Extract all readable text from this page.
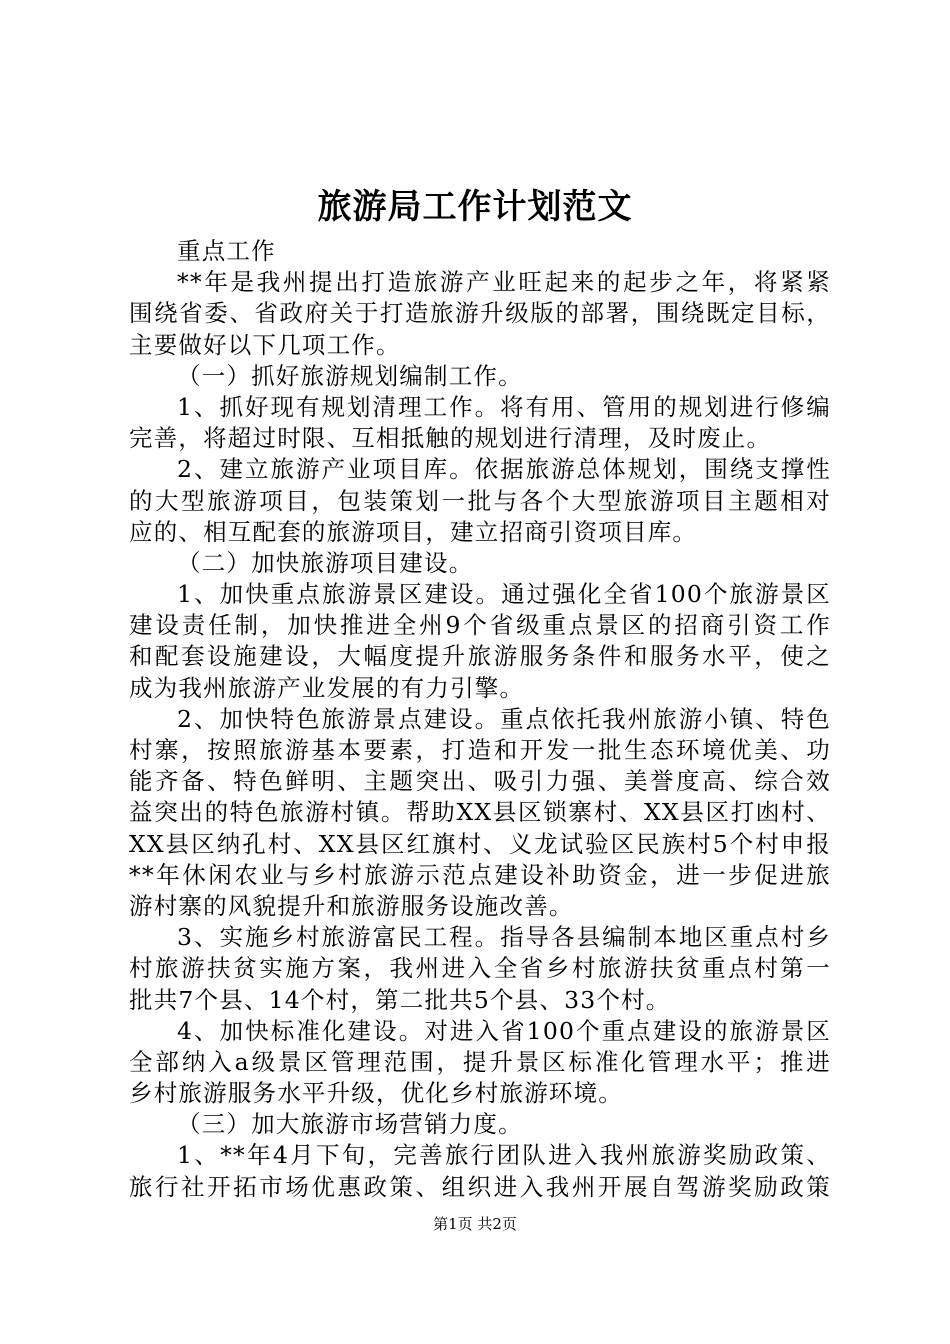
旅游局工作计划范文
重点工作
**年是我州提出打造旅游产业旺起来的起步之年，将紧紧
围绕省委、省政府关于打造旅游升级版的部署，围绕既定目标，
主要做好以下几项工作。
（一）抓好旅游规划编制工作。
1、抓好现有规划清理工作。将有用、管用的规划进行修编
完善，将超过时限、互相抵触的规划进行清理，及时废止。
2、建立旅游产业项目库。依据旅游总体规划，围绕支撑性
的大型旅游项目，包装策划一批与各个大型旅游项目主题相对
应的、相互配套的旅游项目，建立招商引资项目库。
（二）加快旅游项目建设。
1、加快重点旅游景区建设。通过强化全省100个旅游景区
建设责任制，加快推进全州9个省级重点景区的招商引资工作
和配套设施建设，大幅度提升旅游服务条件和服务水平，使之
成为我州旅游产业发展的有力引擎。
2、加快特色旅游景点建设。重点依托我州旅游小镇、特色
村寨，按照旅游基本要素，打造和开发一批生态环境优美、功
能齐备、特色鲜明、主题突出、吸引力强、美誉度高、综合效
益突出的特色旅游村镇。帮助XX县区锁寨村、XX县区打凼村、
XX县区纳孔村、XX县区红旗村、义龙试验区民族村5个村申报
**年休闲农业与乡村旅游示范点建设补助资金，进一步促进旅
游村寨的风貌提升和旅游服务设施改善。
3、实施乡村旅游富民工程。指导各县编制本地区重点村乡
村旅游扶贫实施方案，我州进入全省乡村旅游扶贫重点村第一
批共7个县、14个村，第二批共5个县、33个村。
4、加快标准化建设。对进入省100个重点建设的旅游景区
全部纳入a级景区管理范围，提升景区标准化管理水平；推进
乡村旅游服务水平升级，优化乡村旅游环境。
（三）加大旅游市场营销力度。
1、**年4月下旬，完善旅行团队进入我州旅游奖励政策、
旅行社开拓市场优惠政策、组织进入我州开展自驾游奖励政策
第1页 共2页
